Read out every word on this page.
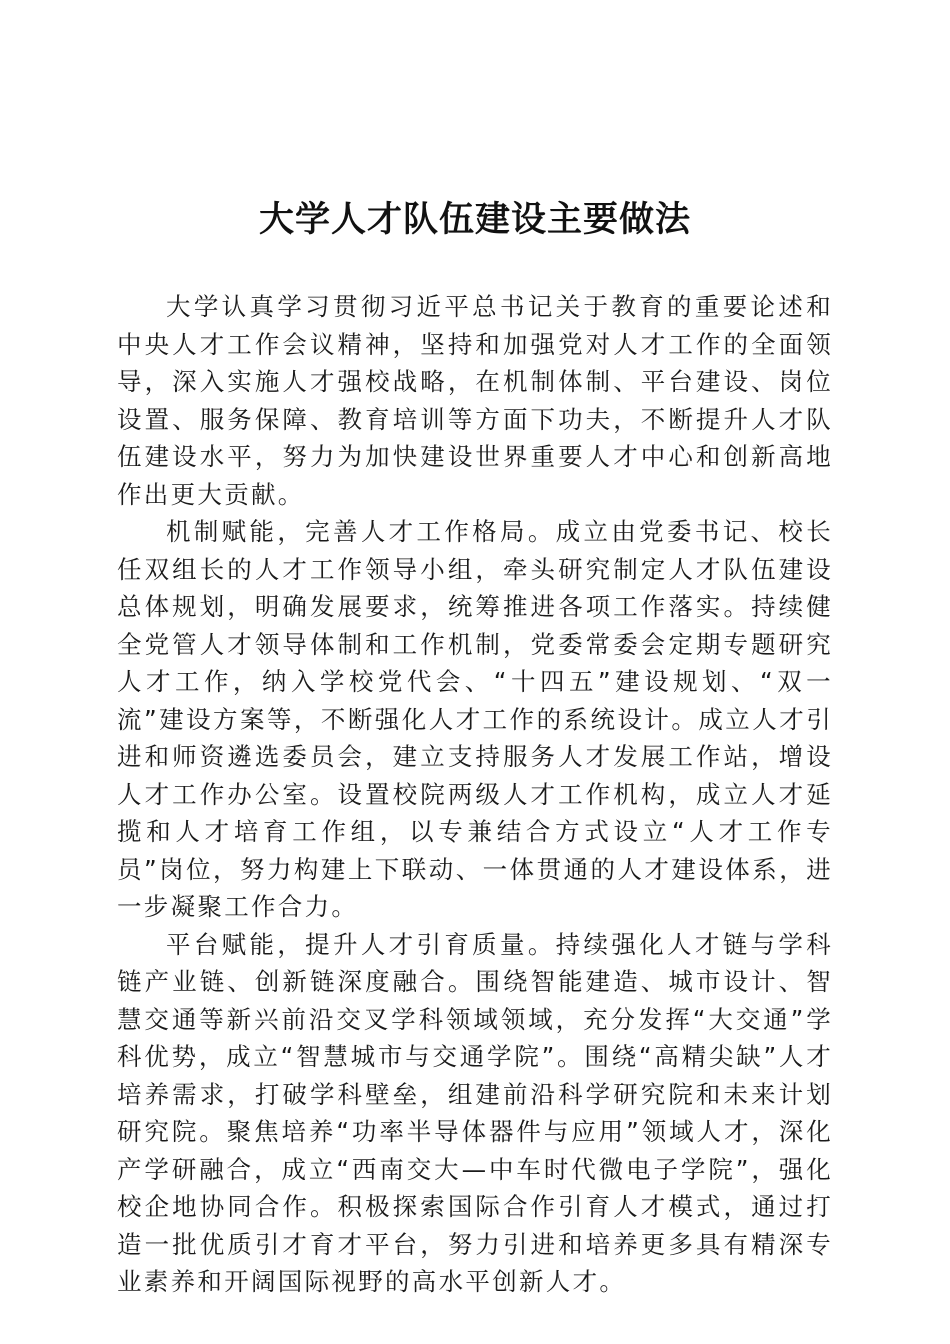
大学人才队伍建设主要做法

大学认真学习贯彻习近平总书记关于教育的重要论述和中央人才工作会议精神，坚持和加强党对人才工作的全面领导，深入实施人才强校战略，在机制体制、平台建设、岗位设置、服务保障、教育培训等方面下功夫，不断提升人才队伍建设水平，努力为加快建设世界重要人才中心和创新高地作出更大贡献。

机制赋能，完善人才工作格局。成立由党委书记、校长任双组长的人才工作领导小组，牵头研究制定人才队伍建设总体规划，明确发展要求，统筹推进各项工作落实。持续健全党管人才领导体制和工作机制，党委常委会定期专题研究人才工作，纳入学校党代会、“十四五”建设规划、“双一流”建设方案等，不断强化人才工作的系统设计。成立人才引进和师资遴选委员会，建立支持服务人才发展工作站，增设人才工作办公室。设置校院两级人才工作机构，成立人才延揽和人才培育工作组，以专兼结合方式设立“人才工作专员”岗位，努力构建上下联动、一体贯通的人才建设体系，进一步凝聚工作合力。

平台赋能，提升人才引育质量。持续强化人才链与学科链产业链、创新链深度融合。围绕智能建造、城市设计、智慧交通等新兴前沿交叉学科领域领域，充分发挥“大交通”学科优势，成立“智慧城市与交通学院”。围绕“高精尖缺”人才培养需求，打破学科壁垒，组建前沿科学研究院和未来计划研究院。聚焦培养“功率半导体器件与应用”领域人才，深化产学研融合，成立“西南交大—中车时代微电子学院”，强化校企地协同合作。积极探索国际合作引育人才模式，通过打造一批优质引才育才平台，努力引进和培养更多具有精深专业素养和开阔国际视野的高水平创新人才。
